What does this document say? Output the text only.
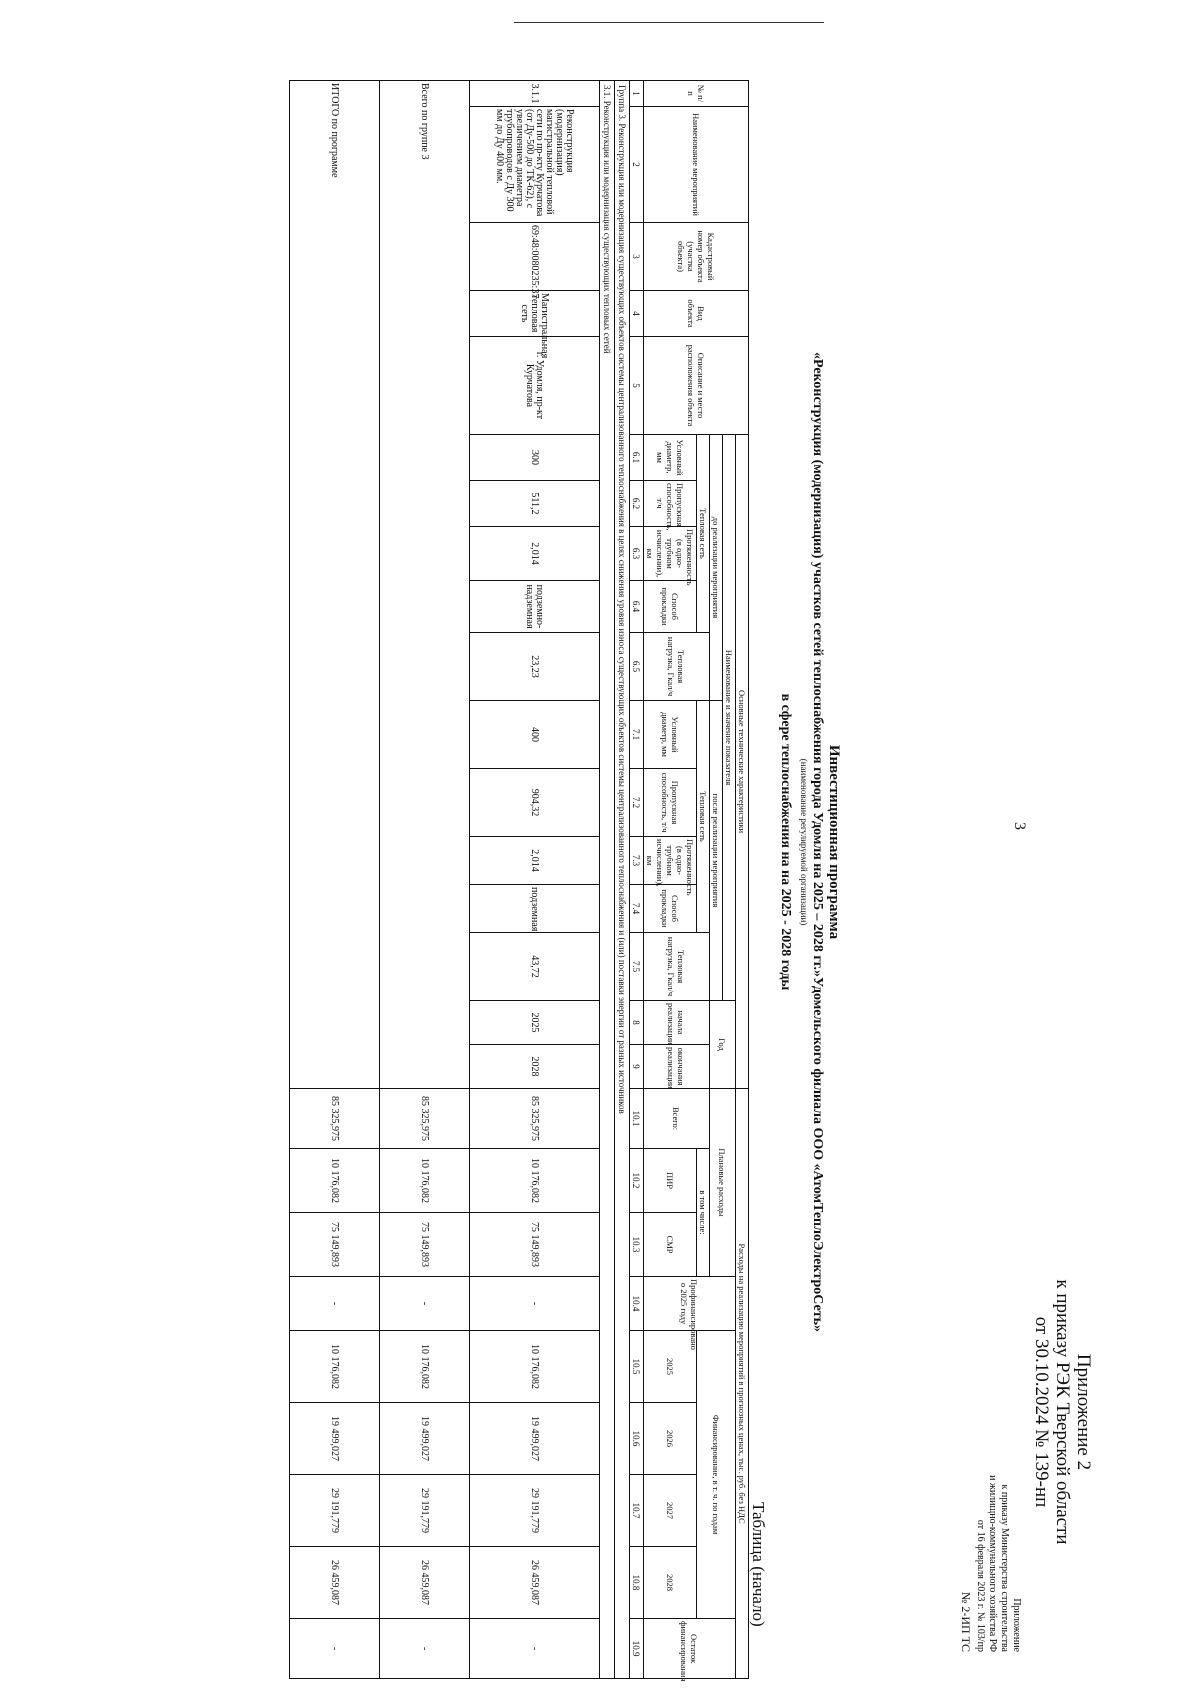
3
Приложение 2
к приказу РЭК Тверской области
от 30.10.2024 № 139-нп
Приложение
к приказу Министерства строительства
и жилищно-коммунального хозяйства РФ
от 16 февраля 2023 г. № 103/пр
№ 2-ИП ТС
Инвестиционная программа
«Реконструкция (модернизация) участков сетей теплоснабжения города Удомля на 2025 – 2028 гг.»Удомельского филиала ООО «АтомТеплоЭлектроСеть»
(наименование регулируемой организации)
в сфере теплоснабжения на на 2025 - 2028 годы
Таблица (начало)
№ п/п	Наименование мероприятий	Кадастровый номер объекта (участка объекта)	Вид объекта	Описание и место расположения объекта	Основные технические характеристики												Расходы на реализацию мероприятий в прогнозных ценах, тыс. руб. без НДС								
					Наименование и значение показателя										Год		Плановые расходы			Профинансировано о 2025 году	Финансирование, в т. ч. по годам				Остаток финансирования
					до реализации мероприятия					после реализации мероприятия															
					Тепловая сеть				Тепловая нагрузка, Гкал/ч	Тепловая сеть				Тепловая нагрузка, Гкал/ч	начала реализации	окончания реализации	Всего:	в том числе:							
					Условный диаметр, мм	Пропускная способность, т/ч	Протяженность (в одно-трубном исчислении), км	Способ прокладки		Условный диаметр, мм	Пропускная способность, т/ч	Протяженность (в одно-трубном исчислении), км	Способ прокладки					ПИР	СМР						
																					2025	2026	2027	2028	
1	2	3	4	5	6.1	6.2	6.3	6.4	6.5	7.1	7.2	7.3	7.4	7.5	8	9	10.1	10.2	10.3	10.4	10.5	10.6	10.7	10.8	10.9
Группа 3. Реконструкция или модернизация существующих объектов системы централизованного теплоснабжения в целях снижения уровня износа существующих объектов системы централизованного теплоснабжения и (или) поставки энергии от разных источников																									
3.1. Реконструкция или модернизация существующих тепловых сетей																									
3.1.1	Реконструкция (модернизация) магистральной тепловой сети по пр-кту Курчатова (от Ду-500 до ТК-62), с увеличением диаметра трубопроводов с Ду 300 мм до Ду 400 мм.	69:48:0080235:37	Магистральная тепловая сеть	г. Удомля, пр-кт Курчатова	300	511,2	2,014	подземно-надземная	23,23	400	904,32	2,014	подземная	43,72	2025	2028	85 325,975	10 176,082	75 149,893	-	10 176,082	19 499,027	29 191,779	26 459,087	-
Всего по группе 3																	85 325,975	10 176,082	75 149,893	-	10 176,082	19 499,027	29 191,779	26 459,087	-
ИТОГО по программе																	85 325,975	10 176,082	75 149,893	-	10 176,082	19 499,027	29 191,779	26 459,087	-
